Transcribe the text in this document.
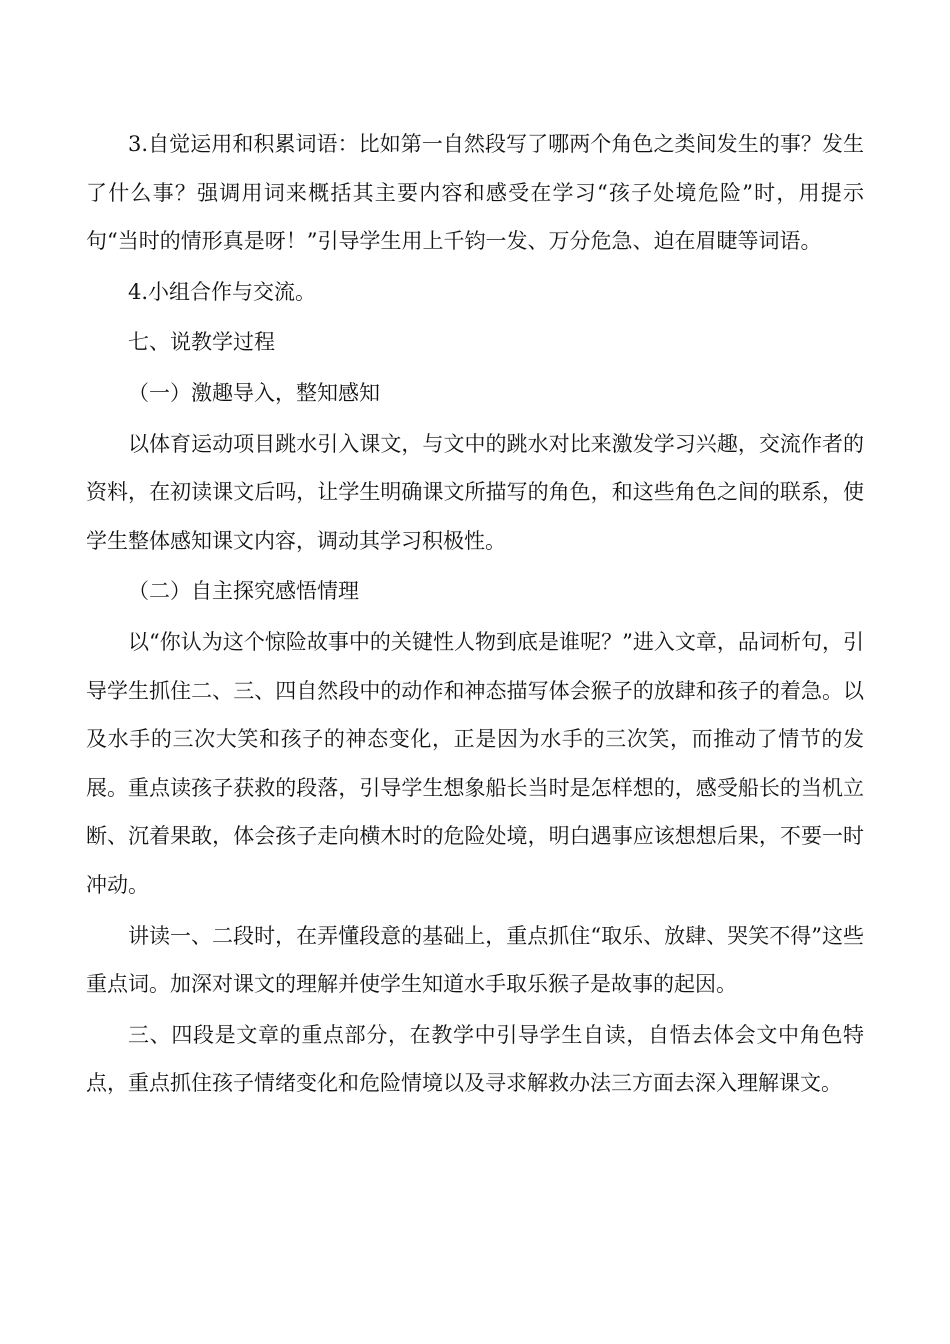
3.自觉运用和积累词语：比如第一自然段写了哪两个角色之类间发生的事？发生了什么事？强调用词来概括其主要内容和感受在学习“孩子处境危险”时，用提示句“当时的情形真是呀！”引导学生用上千钧一发、万分危急、迫在眉睫等词语。

4.小组合作与交流。

七、说教学过程

（一）激趣导入，整知感知

以体育运动项目跳水引入课文，与文中的跳水对比来激发学习兴趣，交流作者的资料，在初读课文后吗，让学生明确课文所描写的角色，和这些角色之间的联系，使学生整体感知课文内容，调动其学习积极性。

（二）自主探究感悟情理

以“你认为这个惊险故事中的关键性人物到底是谁呢？”进入文章，品词析句，引导学生抓住二、三、四自然段中的动作和神态描写体会猴子的放肆和孩子的着急。以及水手的三次大笑和孩子的神态变化，正是因为水手的三次笑，而推动了情节的发展。重点读孩子获救的段落，引导学生想象船长当时是怎样想的，感受船长的当机立断、沉着果敢，体会孩子走向横木时的危险处境，明白遇事应该想想后果，不要一时冲动。

讲读一、二段时，在弄懂段意的基础上，重点抓住“取乐、放肆、哭笑不得”这些重点词。加深对课文的理解并使学生知道水手取乐猴子是故事的起因。

三、四段是文章的重点部分，在教学中引导学生自读，自悟去体会文中角色特点，重点抓住孩子情绪变化和危险情境以及寻求解救办法三方面去深入理解课文。
